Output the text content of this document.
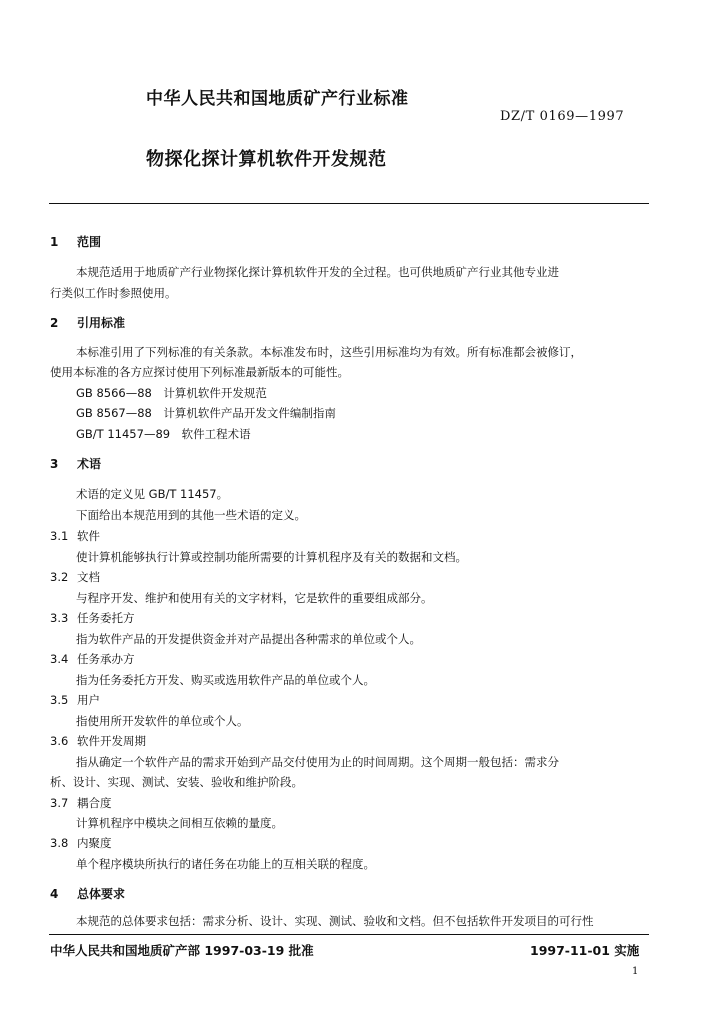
中华人民共和国地质矿产行业标准
DZ/T 0169—1997
物探化探计算机软件开发规范
1 范围
本规范适用于地质矿产行业物探化探计算机软件开发的全过程。也可供地质矿产行业其他专业进
行类似工作时参照使用。
2 引用标准
本标准引用了下列标准的有关条款。本标准发布时，这些引用标准均为有效。所有标准都会被修订，
使用本标准的各方应探讨使用下列标准最新版本的可能性。
GB 8566—88　计算机软件开发规范
GB 8567—88　计算机软件产品开发文件编制指南
GB/T 11457—89　软件工程术语
3 术语
术语的定义见 GB/T 11457。
下面给出本规范用到的其他一些术语的定义。
3.1 软件
使计算机能够执行计算或控制功能所需要的计算机程序及有关的数据和文档。
3.2 文档
与程序开发、维护和使用有关的文字材料，它是软件的重要组成部分。
3.3 任务委托方
指为软件产品的开发提供资金并对产品提出各种需求的单位或个人。
3.4 任务承办方
指为任务委托方开发、购买或选用软件产品的单位或个人。
3.5 用户
指使用所开发软件的单位或个人。
3.6 软件开发周期
指从确定一个软件产品的需求开始到产品交付使用为止的时间周期。这个周期一般包括：需求分
析、设计、实现、测试、安装、验收和维护阶段。
3.7 耦合度
计算机程序中模块之间相互依赖的量度。
3.8 内聚度
单个程序模块所执行的诸任务在功能上的互相关联的程度。
4 总体要求
本规范的总体要求包括：需求分析、设计、实现、测试、验收和文档。但不包括软件开发项目的可行性
中华人民共和国地质矿产部 1997-03-19 批准	1997-11-01 实施
1
